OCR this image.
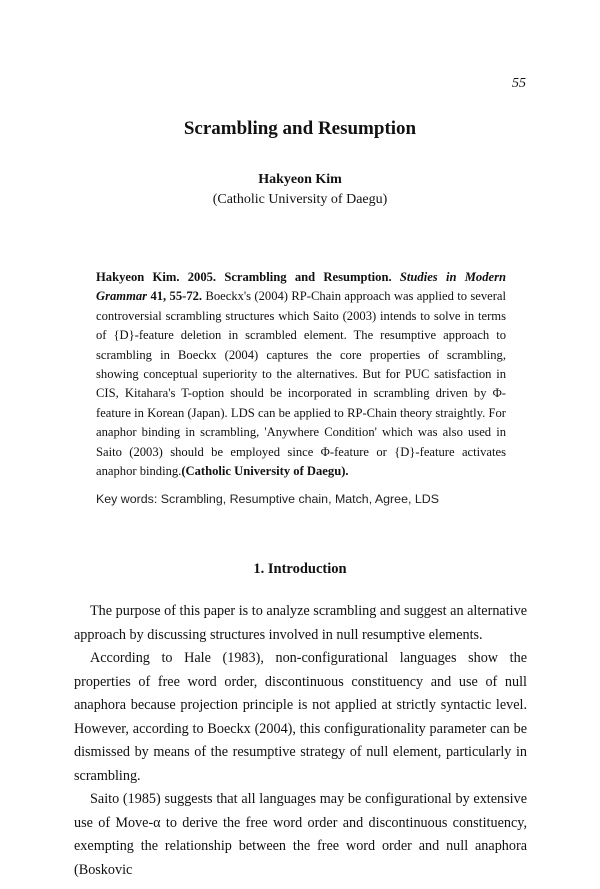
55
Scrambling and Resumption
Hakyeon Kim
(Catholic University of Daegu)
Hakyeon Kim. 2005. Scrambling and Resumption. Studies in Modern Grammar 41, 55-72. Boeckx's (2004) RP-Chain approach was applied to several controversial scrambling structures which Saito (2003) intends to solve in terms of {D}-feature deletion in scrambled element. The resumptive approach to scrambling in Boeckx (2004) captures the core properties of scrambling, showing conceptual superiority to the alternatives. But for PUC satisfaction in CIS, Kitahara's T-option should be incorporated in scrambling driven by Φ-feature in Korean (Japan). LDS can be applied to RP-Chain theory straightly. For anaphor binding in scrambling, 'Anywhere Condition' which was also used in Saito (2003) should be employed since Φ-feature or {D}-feature activates anaphor binding.(Catholic University of Daegu).
Key words: Scrambling, Resumptive chain, Match, Agree, LDS
1. Introduction

The purpose of this paper is to analyze scrambling and suggest an alternative approach by discussing structures involved in null resumptive elements.

According to Hale (1983), non-configurational languages show the properties of free word order, discontinuous constituency and use of null anaphora because projection principle is not applied at strictly syntactic level. However, according to Boeckx (2004), this configurationality parameter can be dismissed by means of the resumptive strategy of null element, particularly in scrambling.

Saito (1985) suggests that all languages may be configurational by extensive use of Move-α to derive the free word order and discontinuous constituency, exempting the relationship between the free word order and null anaphora (Boskovic
